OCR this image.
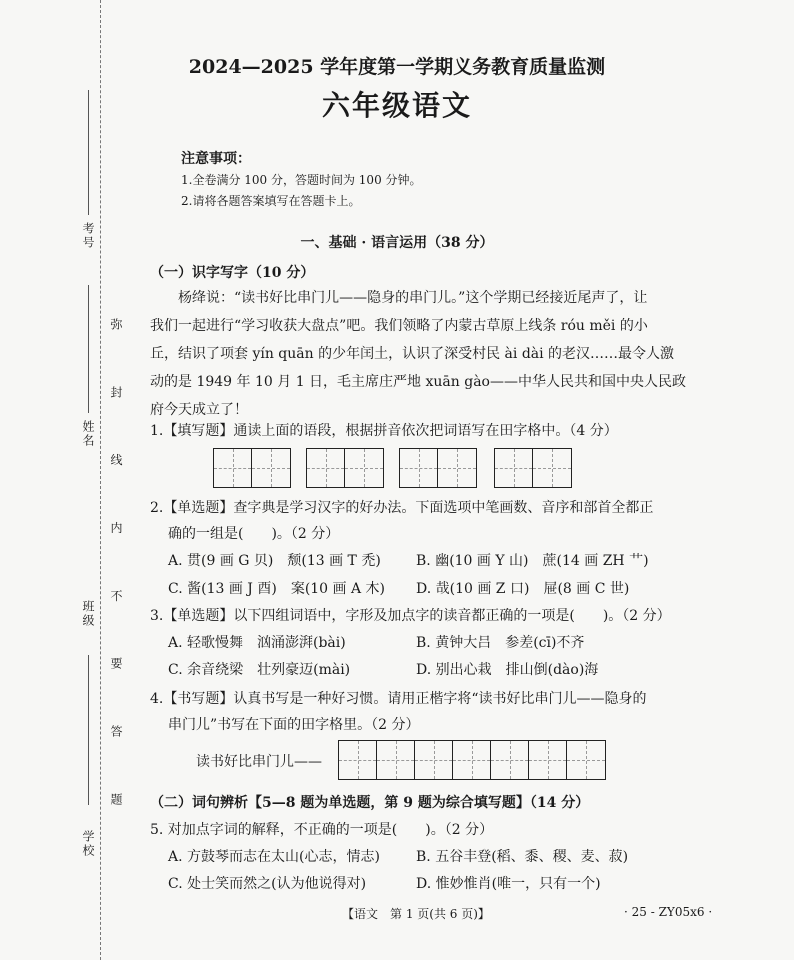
考号
姓名
班级
学校
弥 封 线 内 不 要 答 题
2024—2025 学年度第一学期义务教育质量监测
六年级语文
注意事项：
1.全卷满分 100 分，答题时间为 100 分钟。
2.请将各题答案填写在答题卡上。
一、基础 · 语言运用（38 分）
（一）识字写字（10 分）
杨绛说：“读书好比串门儿——隐身的串门儿。”这个学期已经接近尾声了，让
我们一起进行“学习收获大盘点”吧。我们领略了内蒙古草原上线条 róu měi 的小
丘，结识了项套 yín quān 的少年闰土，认识了深受村民 ài dài 的老汉……最令人激
动的是 1949 年 10 月 1 日，毛主席庄严地 xuān gào——中华人民共和国中央人民政
府今天成立了！
1.【填写题】通读上面的语段，根据拼音依次把词语写在田字格中。（4 分）
2.【单选题】查字典是学习汉字的好办法。下面选项中笔画数、音序和部首全都正
确的一组是(　　)。（2 分）
A. 贯(9 画 G 贝)　颓(13 画 T 禿)	B. 幽(10 画 Y 山)　蔗(14 画 ZH 艹)
C. 酱(13 画 J 酉)　案(10 画 A 木) D. 哉(10 画 Z 口)　屉(8 画 C 世)
3.【单选题】以下四组词语中，字形及加点字的读音都正确的一项是(　　)。（2 分）
A. 轻歌慢舞　汹涌澎湃(bài)	B. 黄钟大吕　参差(cī)不齐
C. 余音绕梁　壮列豪迈(mài)	D. 别出心栽　排山倒(dào)海
4.【书写题】认真书写是一种好习惯。请用正楷字将“读书好比串门儿——隐身的
串门儿”书写在下面的田字格里。（2 分）
读书好比串门儿——
（二）词句辨析【5—8 题为单选题，第 9 题为综合填写题】（14 分）
5. 对加点字词的解释，不正确的一项是(　　)。（2 分）
A. 方鼓琴而志在太山(心志，情志)	B. 五谷丰登(稻、黍、稷、麦、菽)
C. 处士笑而然之(认为他说得对)	D. 惟妙惟肖(唯一，只有一个)
【语文　第 1 页(共 6 页)】	· 25 - ZY05x6 ·
